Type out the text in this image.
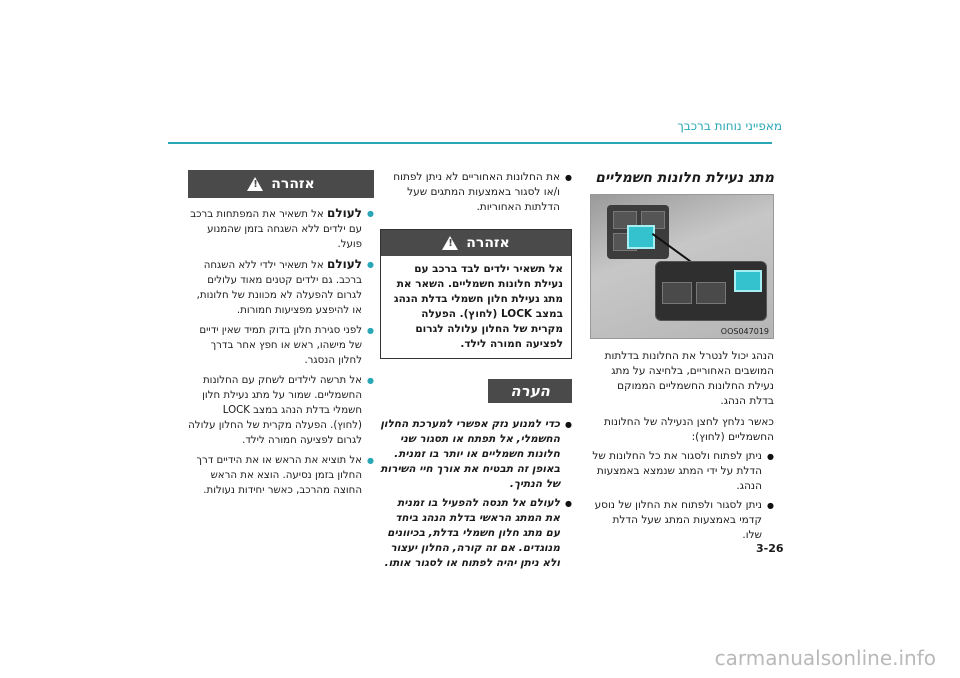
מאפייני נוחות ברכבך
מתג נעילת חלונות חשמליים
OOS047019

הנהג יכול לנטרל את החלונות בדלתות המושבים האחוריים, בלחיצה על מתג נעילת החלונות החשמליים הממוקם בדלת הנהג.

כאשר נלחץ לחצן הנעילה של החלונות החשמליים (לחוץ):

● ניתן לפתוח ולסגור את כל החלונות של הדלת על ידי המתג שנמצא באמצעות הנהג.
● ניתן לסגור ולפתוח את החלון של נוסע קדמי באמצעות המתג שעל הדלת שלו.
● את החלונות האחוריים לא ניתן לפתוח ו/או לסגור באמצעות המתגים שעל הדלתות האחוריות.
אזהרה
!
אל תשאיר ילדים לבד ברכב עם נעילת חלונות חשמליים. השאר את מתג נעילת חלון חשמלי בדלת הנהג במצב LOCK (לחוץ). הפעלה מקרית של החלון עלולה לגרום לפציעה חמורה לילד.
הערה
● כדי למנוע נזק אפשרי למערכת החלון החשמלי, אל תפתח או תסגור שני חלונות חשמליים או יותר בו זמנית. באופן זה תבטיח את אורך חיי השירות של הנתיך.
● לעולם אל תנסה להפעיל בו זמנית את המתג הראשי בדלת הנהג ביחד עם מתג חלון חשמלי בדלת, בכיוונים מנוגדים. אם זה קורה, החלון יעצור ולא ניתן יהיה לפתוח או לסגור אותו.
אזהרה
!
● לעולם אל תשאיר את המפתחות ברכב עם ילדים ללא השגחה בזמן שהמנוע פועל.
● לעולם אל תשאיר ילדי ללא השגחה ברכב. גם ילדים קטנים מאוד עלולים לגרום להפעלה לא מכוונת של חלונות, או להיפצע מפציעות חמורות.
● לפני סגירת חלון בדוק תמיד שאין ידיים של מישהו, ראש או חפץ אחר בדרך לחלון הנסגר.
● אל תרשה לילדים לשחק עם החלונות החשמליים. שמור על מתג נעילת חלון חשמלי בדלת הנהג במצב LOCK (לחוץ). הפעלה מקרית של החלון עלולה לגרום לפציעה חמורה לילד.
● אל תוציא את הראש או את הידיים דרך החלון בזמן נסיעה. הוצא את הראש החוצה מהרכב, כאשר יחידות נעולות.
3-26
carmanualsonline.info
